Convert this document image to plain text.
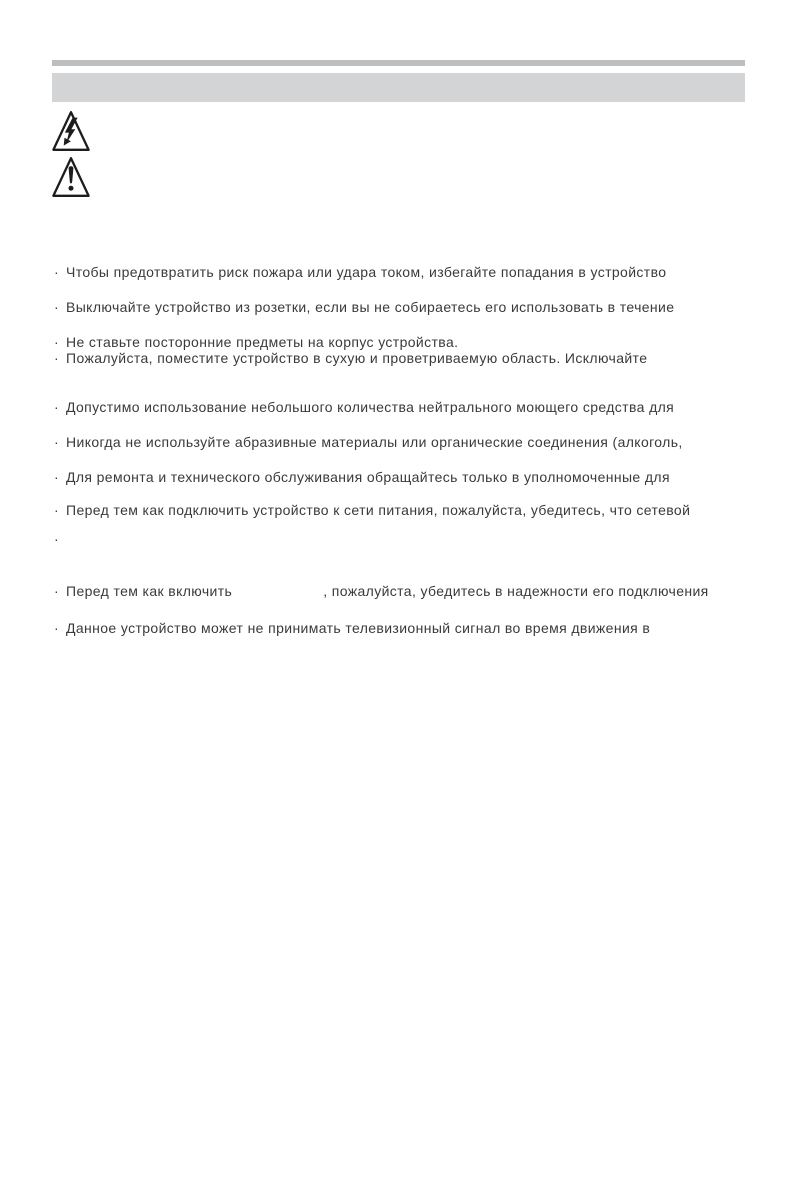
· Чтобы предотвратить риск пожара или удара током, избегайте попадания в устройство
· Выключайте устройство из розетки, если вы не собираетесь его использовать в течение
· Не ставьте посторонние предметы на корпус устройства.
· Пожалуйста, поместите устройство в сухую и проветриваемую область. Исключайте
· Допустимо использование небольшого количества нейтрального моющего средства для
· Никогда не используйте абразивные материалы или органические соединения (алкоголь,
· Для ремонта и технического обслуживания обращайтесь только в уполномоченные для
· Перед тем как подключить устройство к сети питания, пожалуйста, убедитесь, что сетевой
·
· Перед тем как включить	, пожалуйста, убедитесь в надежности его подключения
· Данное устройство может не принимать телевизионный сигнал во время движения в
